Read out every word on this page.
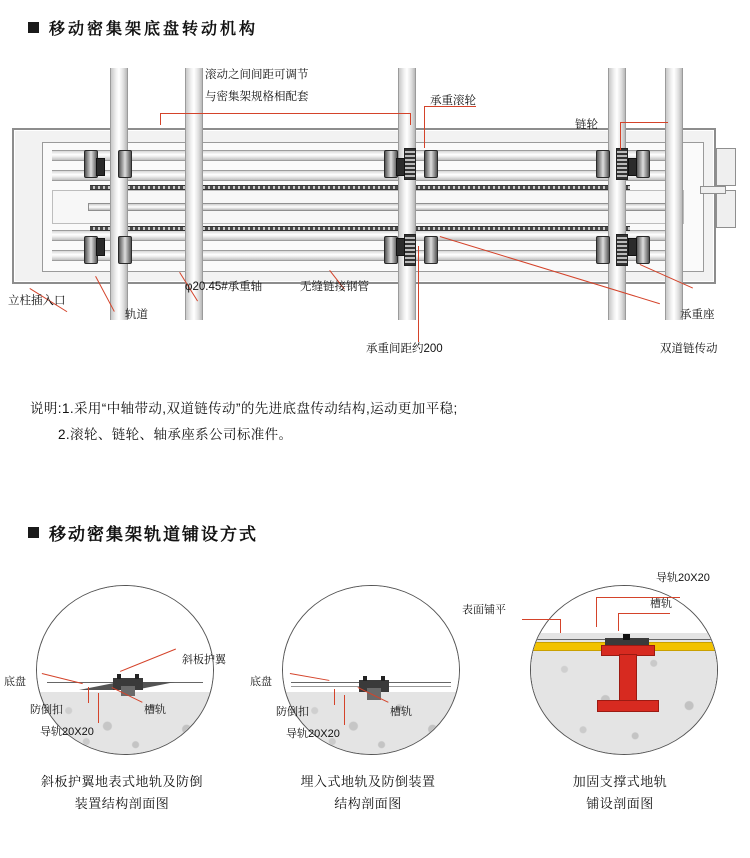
移动密集架底盘转动机构
滚动之间间距可调节
与密集架规格相配套	承重滚轮
链轮
立柱插入口
轨道
φ20.45#承重轴	无缝链接钢管
承重间距约200
承重座
双道链传动
说明:1.采用“中轴带动,双道链传动”的先进底盘传动结构,运动更加平稳;
2.滚轮、链轮、轴承座系公司标准件。
移动密集架轨道铺设方式
底盘
斜板护翼
防倒扣	槽轨
导轨20X20
斜板护翼地表式地轨及防倒
装置结构剖面图
底盘
防倒扣	槽轨
导轨20X20
埋入式地轨及防倒装置
结构剖面图
导轨20X20
表面铺平	槽轨
加固支撑式地轨
铺设剖面图
